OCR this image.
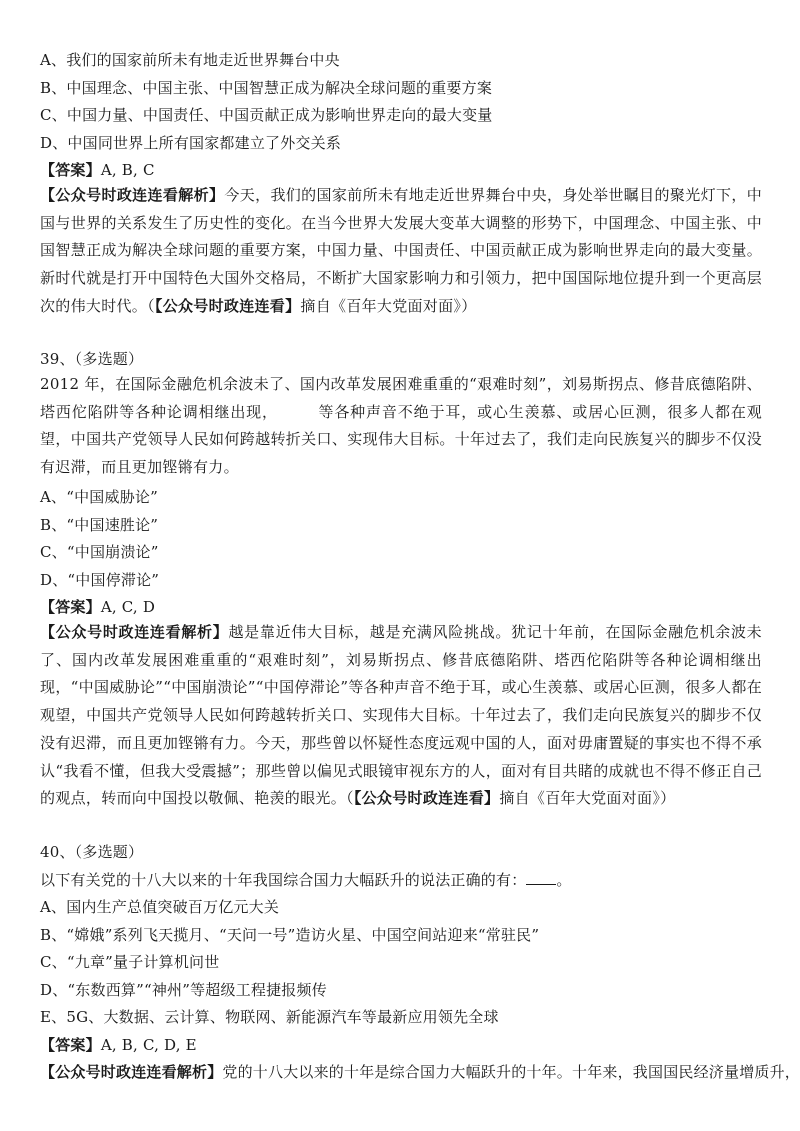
A、我们的国家前所未有地走近世界舞台中央
B、中国理念、中国主张、中国智慧正成为解决全球问题的重要方案
C、中国力量、中国责任、中国贡献正成为影响世界走向的最大变量
D、中国同世界上所有国家都建立了外交关系
【答案】A, B, C
【公众号时政连连看解析】今天，我们的国家前所未有地走近世界舞台中央，身处举世瞩目的聚光灯下，中国与世界的关系发生了历史性的变化。在当今世界大发展大变革大调整的形势下，中国理念、中国主张、中国智慧正成为解决全球问题的重要方案，中国力量、中国责任、中国贡献正成为影响世界走向的最大变量。新时代就是打开中国特色大国外交格局，不断扩大国家影响力和引领力，把中国国际地位提升到一个更高层次的伟大时代。（【公众号时政连连看】摘自《百年大党面对面》）
39、（多选题）
2012 年，在国际金融危机余波未了、国内改革发展困难重重的“艰难时刻”，刘易斯拐点、修昔底德陷阱、塔西佗陷阱等各种论调相继出现，	等各种声音不绝于耳，或心生羡慕、或居心叵测，很多人都在观望，中国共产党领导人民如何跨越转折关口、实现伟大目标。十年过去了，我们走向民族复兴的脚步不仅没有迟滞，而且更加铿锵有力。
A、“中国威胁论”
B、“中国速胜论”
C、“中国崩溃论”
D、“中国停滞论”
【答案】A, C, D
【公众号时政连连看解析】越是靠近伟大目标，越是充满风险挑战。犹记十年前，在国际金融危机余波未了、国内改革发展困难重重的“艰难时刻”，刘易斯拐点、修昔底德陷阱、塔西佗陷阱等各种论调相继出现，“中国威胁论”“中国崩溃论”“中国停滞论”等各种声音不绝于耳，或心生羡慕、或居心叵测，很多人都在观望，中国共产党领导人民如何跨越转折关口、实现伟大目标。十年过去了，我们走向民族复兴的脚步不仅没有迟滞，而且更加铿锵有力。今天，那些曾以怀疑性态度远观中国的人，面对毋庸置疑的事实也不得不承认“我看不懂，但我大受震撼”；那些曾以偏见式眼镜审视东方的人，面对有目共睹的成就也不得不修正自己的观点，转而向中国投以敬佩、艳羡的眼光。（【公众号时政连连看】摘自《百年大党面对面》）
40、（多选题）
以下有关党的十八大以来的十年我国综合国力大幅跃升的说法正确的有： 。
A、国内生产总值突破百万亿元大关
B、“嫦娥”系列飞天揽月、“天问一号”造访火星、中国空间站迎来“常驻民”
C、“九章”量子计算机问世
D、“东数西算”“神州”等超级工程捷报频传
E、5G、大数据、云计算、物联网、新能源汽车等最新应用领先全球
【答案】A, B, C, D, E
【公众号时政连连看解析】党的十八大以来的十年是综合国力大幅跃升的十年。十年来，我国国民经济量增质升，
